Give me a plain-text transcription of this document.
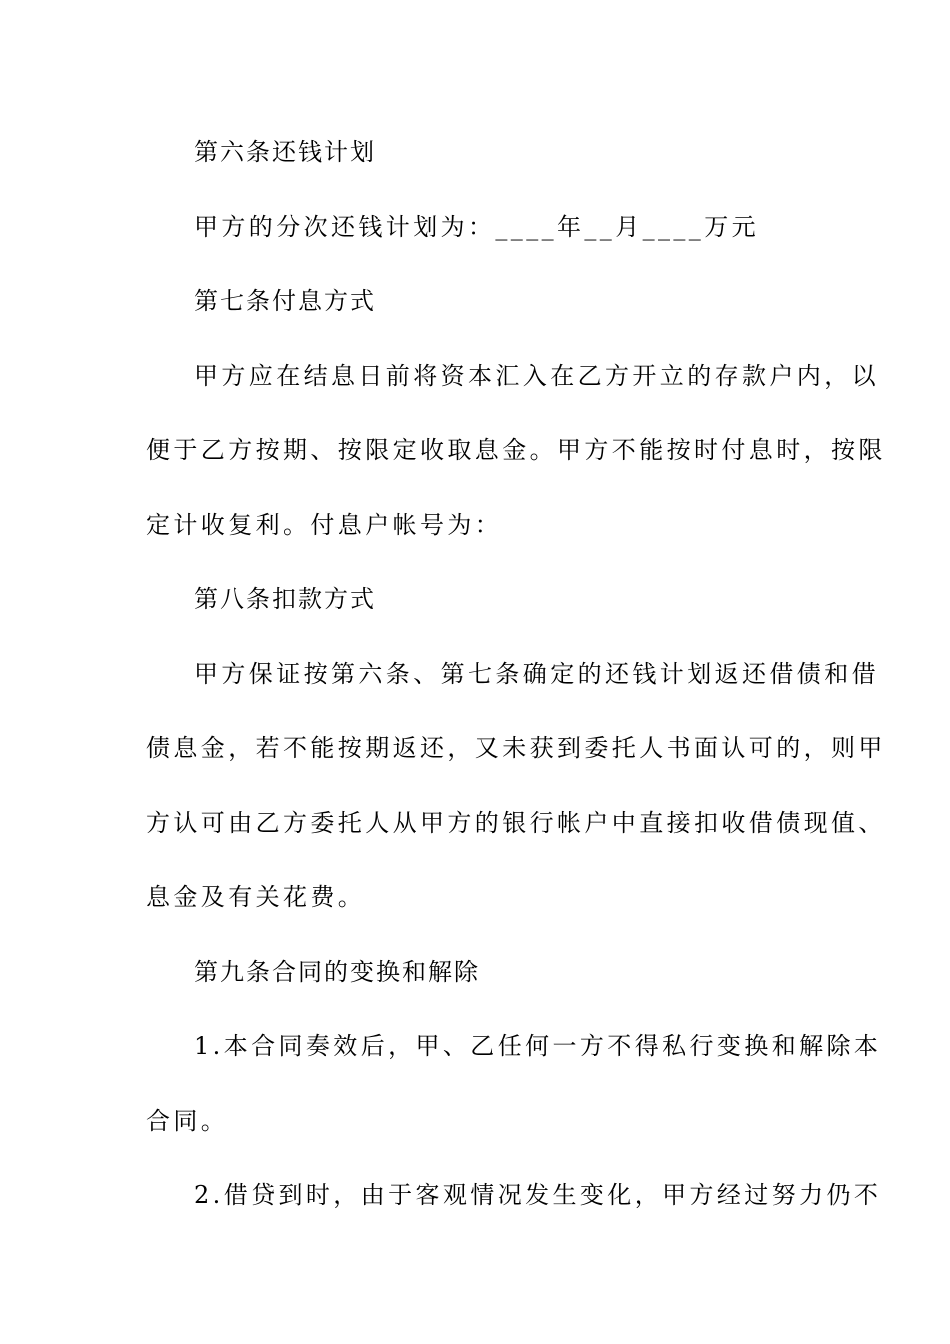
第六条还钱计划
甲方的分次还钱计划为：____年__月____万元
第七条付息方式
甲方应在结息日前将资本汇入在乙方开立的存款户内，以
便于乙方按期、按限定收取息金。甲方不能按时付息时，按限
定计收复利。付息户帐号为：
第八条扣款方式
甲方保证按第六条、第七条确定的还钱计划返还借债和借
债息金，若不能按期返还，又未获到委托人书面认可的，则甲
方认可由乙方委托人从甲方的银行帐户中直接扣收借债现值、
息金及有关花费。
第九条合同的变换和解除
1.本合同奏效后，甲、乙任何一方不得私行变换和解除本
合同。
2.借贷到时，由于客观情况发生变化，甲方经过努力仍不
